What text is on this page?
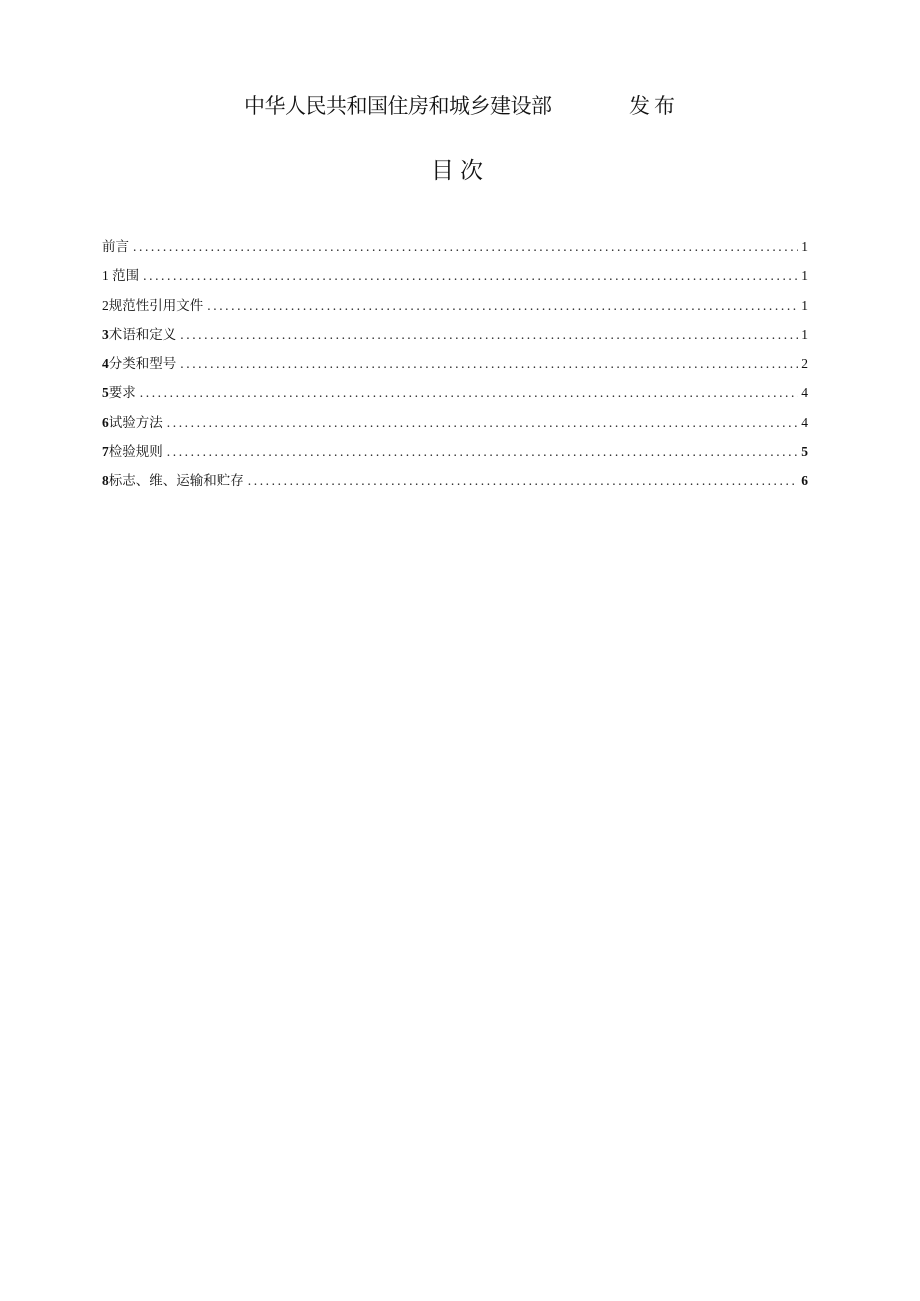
中华人民共和国住房和城乡建设部	发布
目次
前言 .....	1
1 范围 .....	1
2规范性引用文件 .....	1
3术语和定义 .....	1
4分类和型号 .....	2
5要求 .....	4
6试验方法 .....	4
7检验规则 .....	5
8标志、维、运输和贮存 .....	6
